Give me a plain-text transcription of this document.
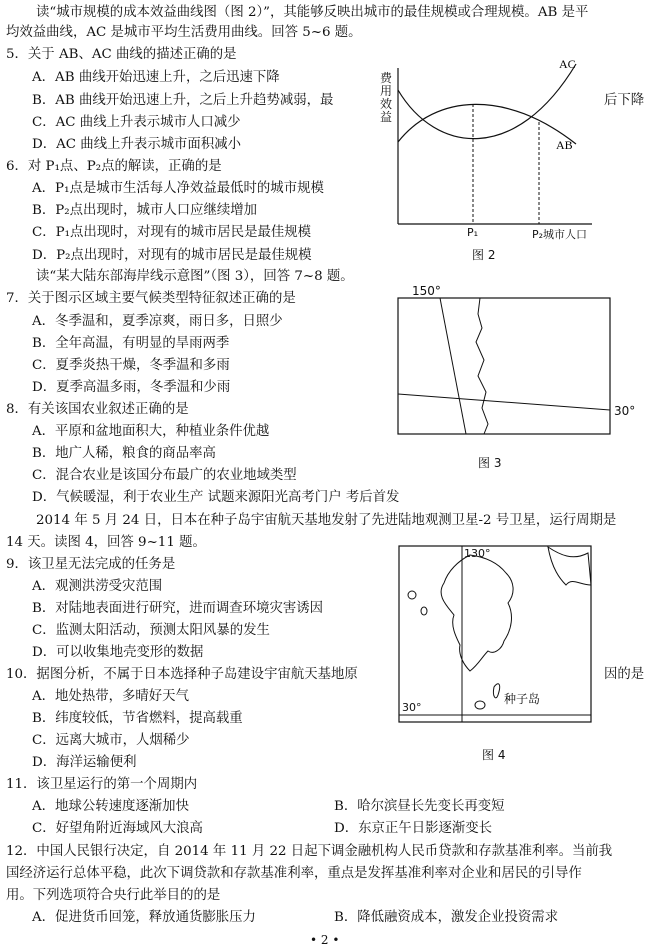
读“城市规模的成本效益曲线图（图 2）”，其能够反映出城市的最佳规模或合理规模。AB 是平
均效益曲线，AC 是城市平均生活费用曲线。回答 5~6 题。
5．关于 AB、AC 曲线的描述正确的是
A．AB 曲线开始迅速上升，之后迅速下降
B．AB 曲线开始迅速上升，之后上升趋势减弱，最	后下降
C．AC 曲线上升表示城市人口减少
D．AC 曲线上升表示城市面积减小
AC
AB
费
用
效
益
P₁	P₂城市人口
图 2
6．对 P₁点、P₂点的解读，正确的是
A．P₁点是城市生活每人净效益最低时的城市规模
B．P₂点出现时，城市人口应继续增加
C．P₁点出现时，对现有的城市居民是最佳规模
D．P₂点出现时，对现有的城市居民是最佳规模
读“某大陆东部海岸线示意图”（图 3），回答 7~8 题。
150°
30°
图 3
7．关于图示区域主要气候类型特征叙述正确的是
A．冬季温和，夏季凉爽，雨日多，日照少
B．全年高温，有明显的旱雨两季
C．夏季炎热干燥，冬季温和多雨
D．夏季高温多雨，冬季温和少雨
8．有关该国农业叙述正确的是
A．平原和盆地面积大，种植业条件优越
B．地广人稀，粮食的商品率高
C．混合农业是该国分布最广的农业地域类型
D．气候暖湿，利于农业生产 试题来源阳光高考门户 考后首发
2014 年 5 月 24 日，日本在种子岛宇宙航天基地发射了先进陆地观测卫星-2 号卫星，运行周期是
14 天。读图 4，回答 9~11 题。
130°
30°
种子岛
图 4
9．该卫星无法完成的任务是
A．观测洪涝受灾范围
B．对陆地表面进行研究，进而调查环境灾害诱因
C．监测太阳活动，预测太阳风暴的发生
D．可以收集地壳变形的数据
10．据图分析，不属于日本选择种子岛建设宇宙航天基地原	因的是
A．地处热带，多晴好天气
B．纬度较低，节省燃料，提高载重
C．远离大城市，人烟稀少
D．海洋运输便利
11．该卫星运行的第一个周期内
A．地球公转速度逐渐加快	B．哈尔滨昼长先变长再变短
C．好望角附近海域风大浪高	D．东京正午日影逐渐变长
12．中国人民银行决定，自 2014 年 11 月 22 日起下调金融机构人民币贷款和存款基准利率。当前我
国经济运行总体平稳，此次下调贷款和存款基准利率，重点是发挥基准利率对企业和居民的引导作
用。下列选项符合央行此举目的的是
A．促进货币回笼，释放通货膨胀压力	B．降低融资成本，激发企业投资需求
• 2 •
